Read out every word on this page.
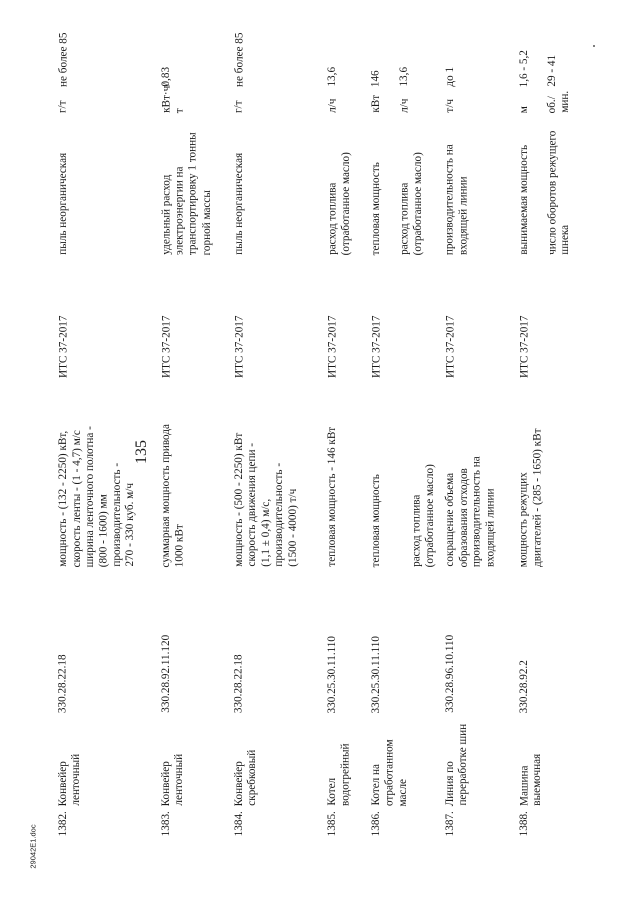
135
29042E1.doc
1382.
Конвейер ленточный
330.28.22.18
мощность - (132 - 2250) кВт, скорость ленты - (1 - 4,7) м/с ширина ленточного полотна - (800 - 1600) мм производительность - 270 - 330 куб. м/ч
ИТС 37-2017
пыль неорганическая
г/т
не более 85
1383.
Конвейер ленточный
330.28.92.11.120
суммарная мощность привода 1000 кВт
ИТС 37-2017
удельный расход электроэнергии на транспортировку 1 тонны горной массы
кВт·ч/ т
0,83
1384.
Конвейер скребковый
330.28.22.18
мощность - (500 - 2250) кВт скорость движения цепи - (1,1 ± 0,4) м/с, производительность - (1500 - 4000) т/ч
ИТС 37-2017
пыль неорганическая
г/т
не более 85
1385.
Котел водогрейный
330.25.30.11.110
тепловая мощность - 146 кВт
ИТС 37-2017
расход топлива (отработанное масло)
л/ч
13,6
1386.
Котел на отработанном масле
330.25.30.11.110
тепловая мощность	расход топлива (отработанное масло)
ИТС 37-2017
тепловая мощность
кВт
146
расход топлива (отработанное масло)
л/ч
13,6
1387.
Линия по переработке шин
330.28.96.10.110
сокращение объема образования отходов производительность на входящей линии
ИТС 37-2017
производительность на входящей линии
т/ч
до 1
1388.
Машина выемочная
330.28.92.2
мощность режущих двигателей - (285 - 1650) кВт
ИТС 37-2017
вынимаемая мощность
м
1,6 - 5,2
число оборотов режущего шнека
об./ мин.
29 - 41
